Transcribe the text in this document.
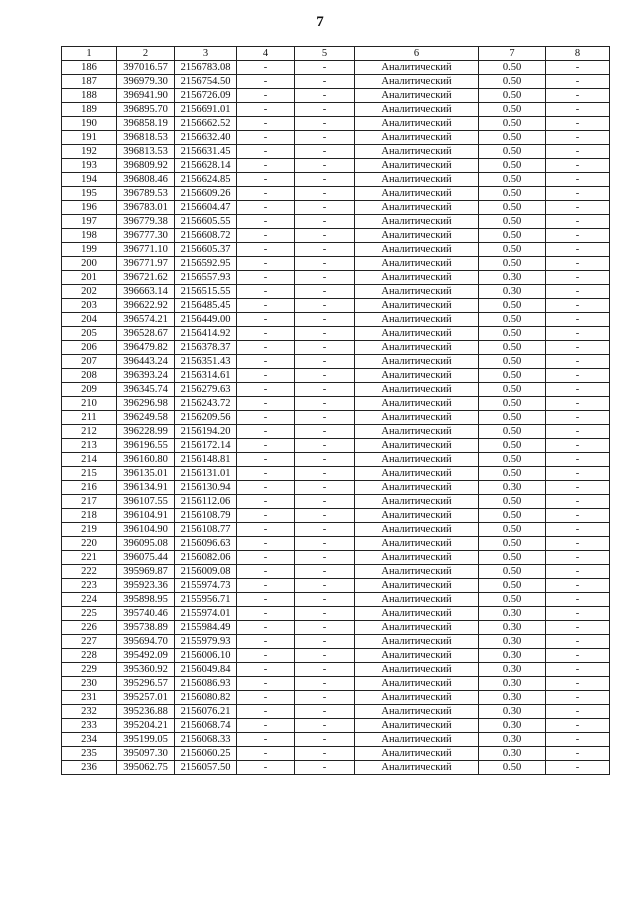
7
1	2	3	4	5	6	7	8
186	397016.57	2156783.08	-	-	Аналитический	0.50	-
187	396979.30	2156754.50	-	-	Аналитический	0.50	-
188	396941.90	2156726.09	-	-	Аналитический	0.50	-
189	396895.70	2156691.01	-	-	Аналитический	0.50	-
190	396858.19	2156662.52	-	-	Аналитический	0.50	-
191	396818.53	2156632.40	-	-	Аналитический	0.50	-
192	396813.53	2156631.45	-	-	Аналитический	0.50	-
193	396809.92	2156628.14	-	-	Аналитический	0.50	-
194	396808.46	2156624.85	-	-	Аналитический	0.50	-
195	396789.53	2156609.26	-	-	Аналитический	0.50	-
196	396783.01	2156604.47	-	-	Аналитический	0.50	-
197	396779.38	2156605.55	-	-	Аналитический	0.50	-
198	396777.30	2156608.72	-	-	Аналитический	0.50	-
199	396771.10	2156605.37	-	-	Аналитический	0.50	-
200	396771.97	2156592.95	-	-	Аналитический	0.50	-
201	396721.62	2156557.93	-	-	Аналитический	0.30	-
202	396663.14	2156515.55	-	-	Аналитический	0.30	-
203	396622.92	2156485.45	-	-	Аналитический	0.50	-
204	396574.21	2156449.00	-	-	Аналитический	0.50	-
205	396528.67	2156414.92	-	-	Аналитический	0.50	-
206	396479.82	2156378.37	-	-	Аналитический	0.50	-
207	396443.24	2156351.43	-	-	Аналитический	0.50	-
208	396393.24	2156314.61	-	-	Аналитический	0.50	-
209	396345.74	2156279.63	-	-	Аналитический	0.50	-
210	396296.98	2156243.72	-	-	Аналитический	0.50	-
211	396249.58	2156209.56	-	-	Аналитический	0.50	-
212	396228.99	2156194.20	-	-	Аналитический	0.50	-
213	396196.55	2156172.14	-	-	Аналитический	0.50	-
214	396160.80	2156148.81	-	-	Аналитический	0.50	-
215	396135.01	2156131.01	-	-	Аналитический	0.50	-
216	396134.91	2156130.94	-	-	Аналитический	0.30	-
217	396107.55	2156112.06	-	-	Аналитический	0.50	-
218	396104.91	2156108.79	-	-	Аналитический	0.50	-
219	396104.90	2156108.77	-	-	Аналитический	0.50	-
220	396095.08	2156096.63	-	-	Аналитический	0.50	-
221	396075.44	2156082.06	-	-	Аналитический	0.50	-
222	395969.87	2156009.08	-	-	Аналитический	0.50	-
223	395923.36	2155974.73	-	-	Аналитический	0.50	-
224	395898.95	2155956.71	-	-	Аналитический	0.50	-
225	395740.46	2155974.01	-	-	Аналитический	0.30	-
226	395738.89	2155984.49	-	-	Аналитический	0.30	-
227	395694.70	2155979.93	-	-	Аналитический	0.30	-
228	395492.09	2156006.10	-	-	Аналитический	0.30	-
229	395360.92	2156049.84	-	-	Аналитический	0.30	-
230	395296.57	2156086.93	-	-	Аналитический	0.30	-
231	395257.01	2156080.82	-	-	Аналитический	0.30	-
232	395236.88	2156076.21	-	-	Аналитический	0.30	-
233	395204.21	2156068.74	-	-	Аналитический	0.30	-
234	395199.05	2156068.33	-	-	Аналитический	0.30	-
235	395097.30	2156060.25	-	-	Аналитический	0.30	-
236	395062.75	2156057.50	-	-	Аналитический	0.50	-
